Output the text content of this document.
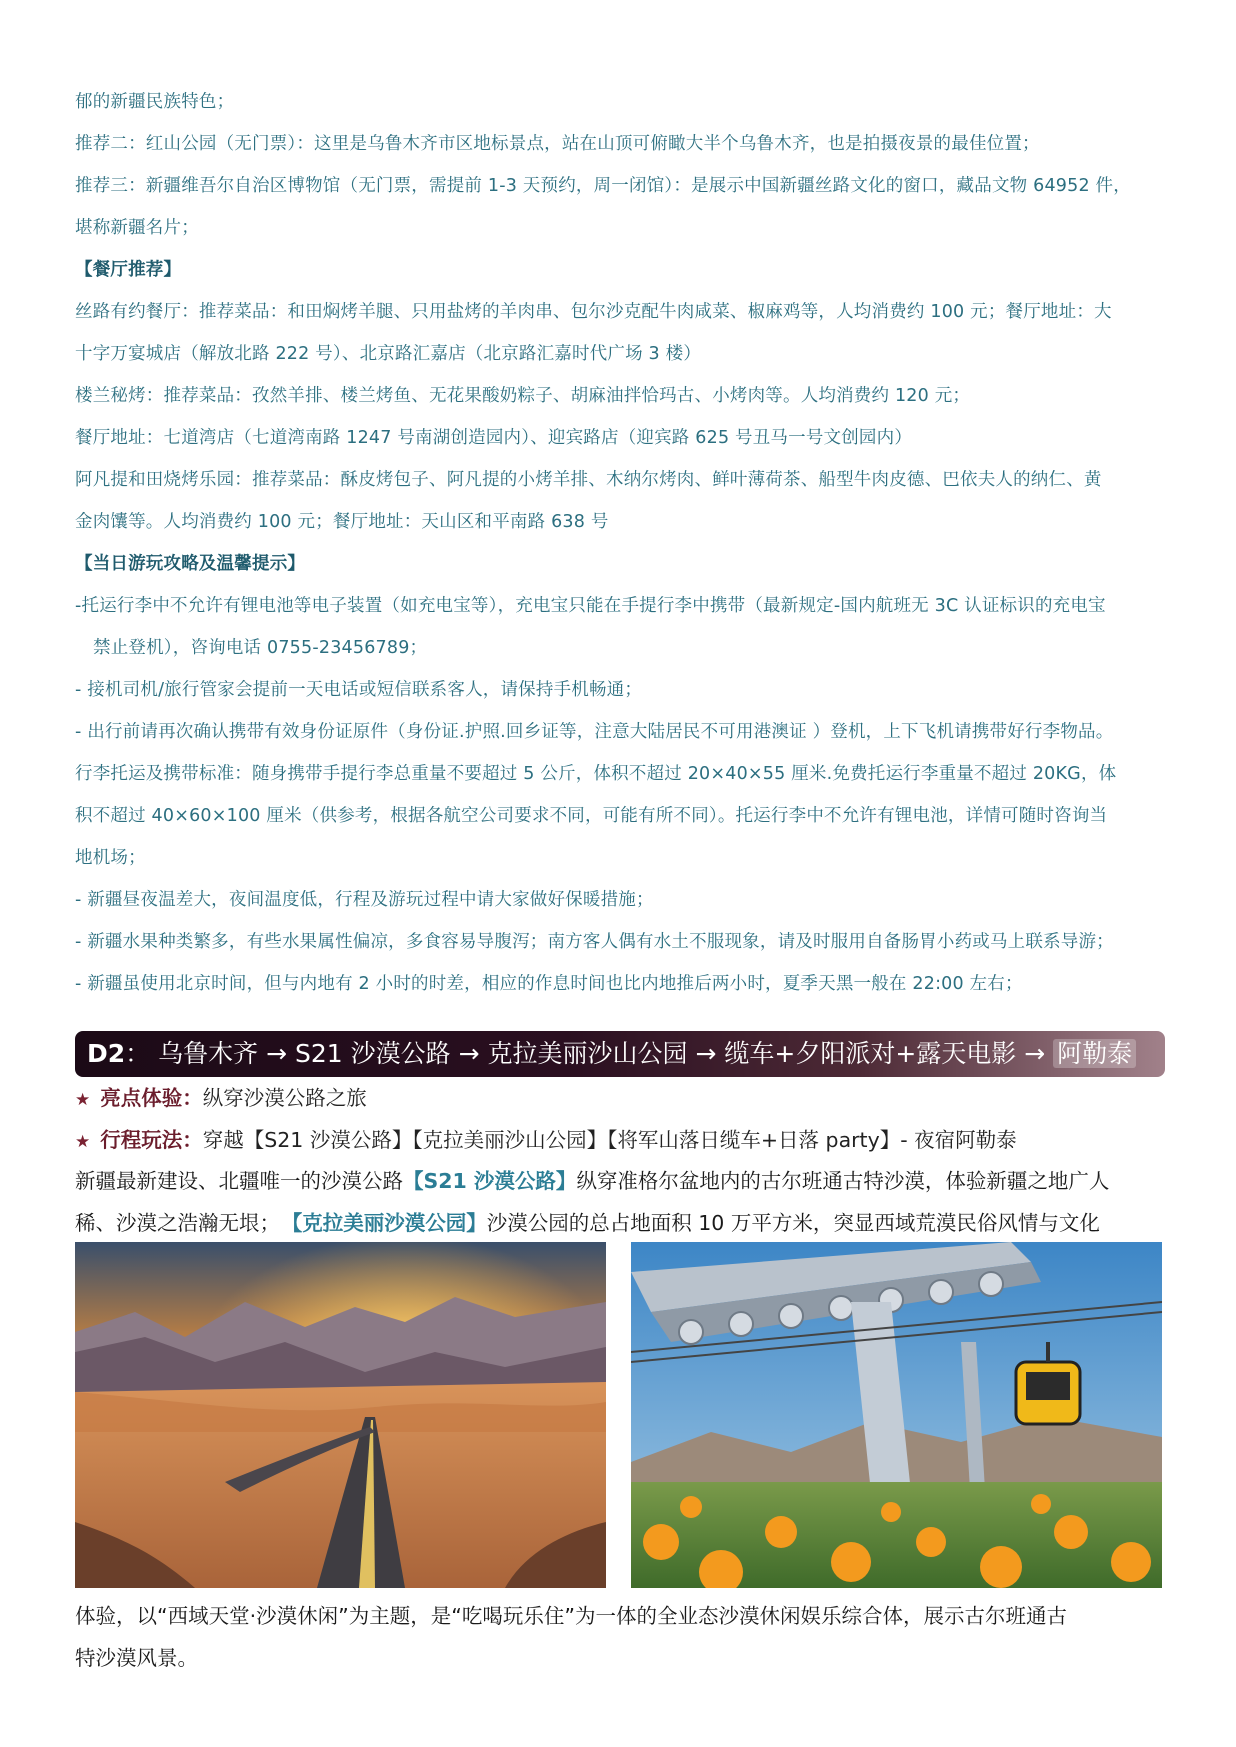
郁的新疆民族特色；
推荐二：红山公园（无门票）：这里是乌鲁木齐市区地标景点，站在山顶可俯瞰大半个乌鲁木齐，也是拍摄夜景的最佳位置；
推荐三：新疆维吾尔自治区博物馆（无门票，需提前 1-3 天预约，周一闭馆）：是展示中国新疆丝路文化的窗口，藏品文物 64952 件，
堪称新疆名片；
【餐厅推荐】
丝路有约餐厅：推荐菜品：和田焖烤羊腿、只用盐烤的羊肉串、包尔沙克配牛肉咸菜、椒麻鸡等，人均消费约 100 元；餐厅地址：大
十字万宴城店（解放北路 222 号）、北京路汇嘉店（北京路汇嘉时代广场 3 楼）
楼兰秘烤：推荐菜品：孜然羊排、楼兰烤鱼、无花果酸奶粽子、胡麻油拌恰玛古、小烤肉等。人均消费约 120 元；
餐厅地址：七道湾店（七道湾南路 1247 号南湖创造园内）、迎宾路店（迎宾路 625 号丑马一号文创园内）
阿凡提和田烧烤乐园：推荐菜品：酥皮烤包子、阿凡提的小烤羊排、木纳尔烤肉、鲜叶薄荷茶、船型牛肉皮德、巴依夫人的纳仁、黄
金肉馕等。人均消费约 100 元；餐厅地址：天山区和平南路 638 号
【当日游玩攻略及温馨提示】
-托运行李中不允许有锂电池等电子装置（如充电宝等），充电宝只能在手提行李中携带（最新规定-国内航班无 3C 认证标识的充电宝
禁止登机），咨询电话 0755-23456789；
- 接机司机/旅行管家会提前一天电话或短信联系客人，请保持手机畅通；
- 出行前请再次确认携带有效身份证原件（身份证.护照.回乡证等，注意大陆居民不可用港澳证 ）登机，上下飞机请携带好行李物品。
行李托运及携带标准：随身携带手提行李总重量不要超过 5 公斤，体积不超过 20×40×55 厘米.免费托运行李重量不超过 20KG，体
积不超过 40×60×100 厘米（供参考，根据各航空公司要求不同，可能有所不同）。托运行李中不允许有锂电池，详情可随时咨询当
地机场；
- 新疆昼夜温差大，夜间温度低，行程及游玩过程中请大家做好保暖措施；
- 新疆水果种类繁多，有些水果属性偏凉，多食容易导腹泻；南方客人偶有水土不服现象，请及时服用自备肠胃小药或马上联系导游；
- 新疆虽使用北京时间，但与内地有 2 小时的时差，相应的作息时间也比内地推后两小时，夏季天黑一般在 22:00 左右；
D2： 乌鲁木齐 → S21 沙漠公路 → 克拉美丽沙山公园 → 缆车+夕阳派对+露天电影 → 阿勒泰
★ 亮点体验：纵穿沙漠公路之旅
★ 行程玩法：穿越【S21 沙漠公路】【克拉美丽沙山公园】【将军山落日缆车+日落 party】- 夜宿阿勒泰
新疆最新建设、北疆唯一的沙漠公路【S21 沙漠公路】纵穿准格尔盆地内的古尔班通古特沙漠，体验新疆之地广人
稀、沙漠之浩瀚无垠； 【克拉美丽沙漠公园】沙漠公园的总占地面积 10 万平方米，突显西域荒漠民俗风情与文化
体验，以“西域天堂·沙漠休闲”为主题，是“吃喝玩乐住”为一体的全业态沙漠休闲娱乐综合体，展示古尔班通古
特沙漠风景。
